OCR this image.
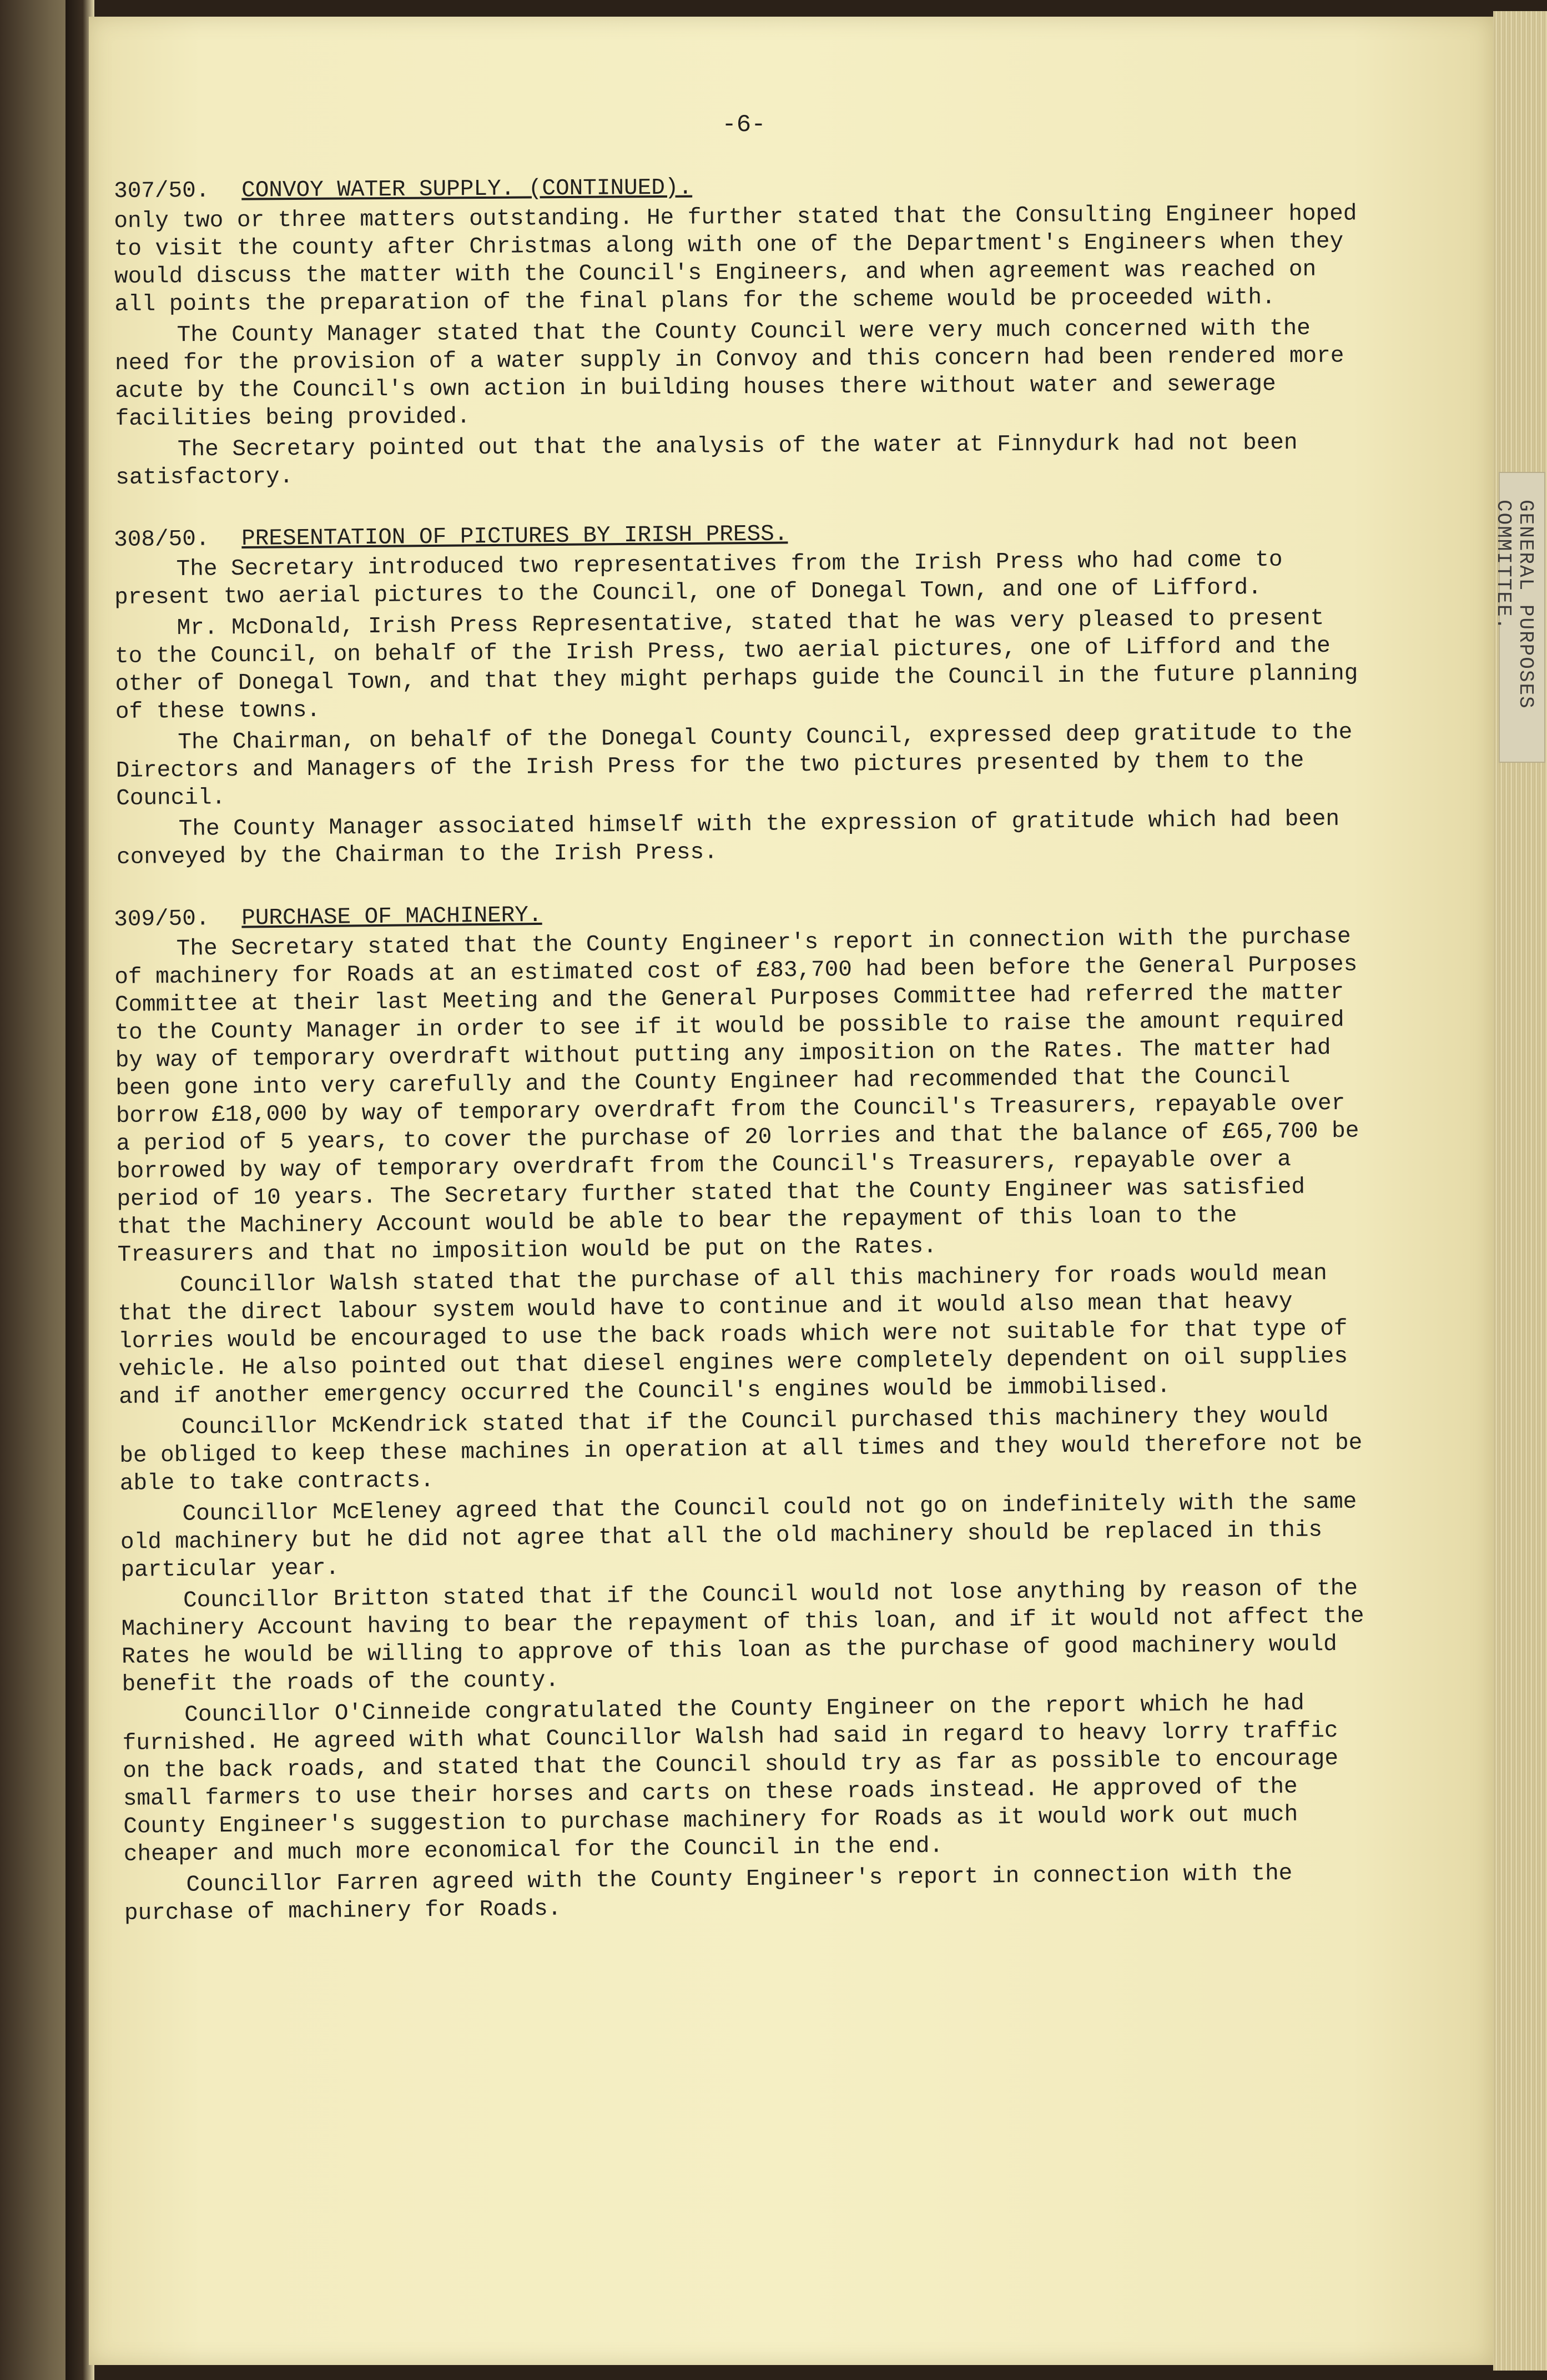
GENERAL PURPOSES
COMMITTEE.
-6-
307/50. CONVOY WATER SUPPLY. (CONTINUED).

only two or three matters outstanding. He further stated that the Consulting Engineer hoped to visit the county after Christmas along with one of the Department's Engineers when they would discuss the matter with the Council's Engineers, and when agreement was reached on all points the preparation of the final plans for the scheme would be proceeded with.

The County Manager stated that the County Council were very much concerned with the need for the provision of a water supply in Convoy and this concern had been rendered more acute by the Council's own action in building houses there without water and sewerage facilities being provided.

The Secretary pointed out that the analysis of the water at Finnydurk had not been satisfactory.

308/50. PRESENTATION OF PICTURES BY IRISH PRESS.

The Secretary introduced two representatives from the Irish Press who had come to present two aerial pictures to the Council, one of Donegal Town, and one of Lifford.

Mr. McDonald, Irish Press Representative, stated that he was very pleased to present to the Council, on behalf of the Irish Press, two aerial pictures, one of Lifford and the other of Donegal Town, and that they might perhaps guide the Council in the future planning of these towns.

The Chairman, on behalf of the Donegal County Council, expressed deep gratitude to the Directors and Managers of the Irish Press for the two pictures presented by them to the Council.

The County Manager associated himself with the expression of gratitude which had been conveyed by the Chairman to the Irish Press.

309/50. PURCHASE OF MACHINERY.

The Secretary stated that the County Engineer's report in connection with the purchase of machinery for Roads at an estimated cost of £83,700 had been before the General Purposes Committee at their last Meeting and the General Purposes Committee had referred the matter to the County Manager in order to see if it would be possible to raise the amount required by way of temporary overdraft without putting any imposition on the Rates. The matter had been gone into very carefully and the County Engineer had recommended that the Council borrow £18,000 by way of temporary overdraft from the Council's Treasurers, repayable over a period of 5 years, to cover the purchase of 20 lorries and that the balance of £65,700 be borrowed by way of temporary overdraft from the Council's Treasurers, repayable over a period of 10 years. The Secretary further stated that the County Engineer was satisfied that the Machinery Account would be able to bear the repayment of this loan to the Treasurers and that no imposition would be put on the Rates.

Councillor Walsh stated that the purchase of all this machinery for roads would mean that the direct labour system would have to continue and it would also mean that heavy lorries would be encouraged to use the back roads which were not suitable for that type of vehicle. He also pointed out that diesel engines were completely dependent on oil supplies and if another emergency occurred the Council's engines would be immobilised.

Councillor McKendrick stated that if the Council purchased this machinery they would be obliged to keep these machines in operation at all times and they would therefore not be able to take contracts.

Councillor McEleney agreed that the Council could not go on indefinitely with the same old machinery but he did not agree that all the old machinery should be replaced in this particular year.

Councillor Britton stated that if the Council would not lose anything by reason of the Machinery Account having to bear the repayment of this loan, and if it would not affect the Rates he would be willing to approve of this loan as the purchase of good machinery would benefit the roads of the county.

Councillor O'Cinneide congratulated the County Engineer on the report which he had furnished. He agreed with what Councillor Walsh had said in regard to heavy lorry traffic on the back roads, and stated that the Council should try as far as possible to encourage small farmers to use their horses and carts on these roads instead. He approved of the County Engineer's suggestion to purchase machinery for Roads as it would work out much cheaper and much more economical for the Council in the end.

Councillor Farren agreed with the County Engineer's report in connection with the purchase of machinery for Roads.
